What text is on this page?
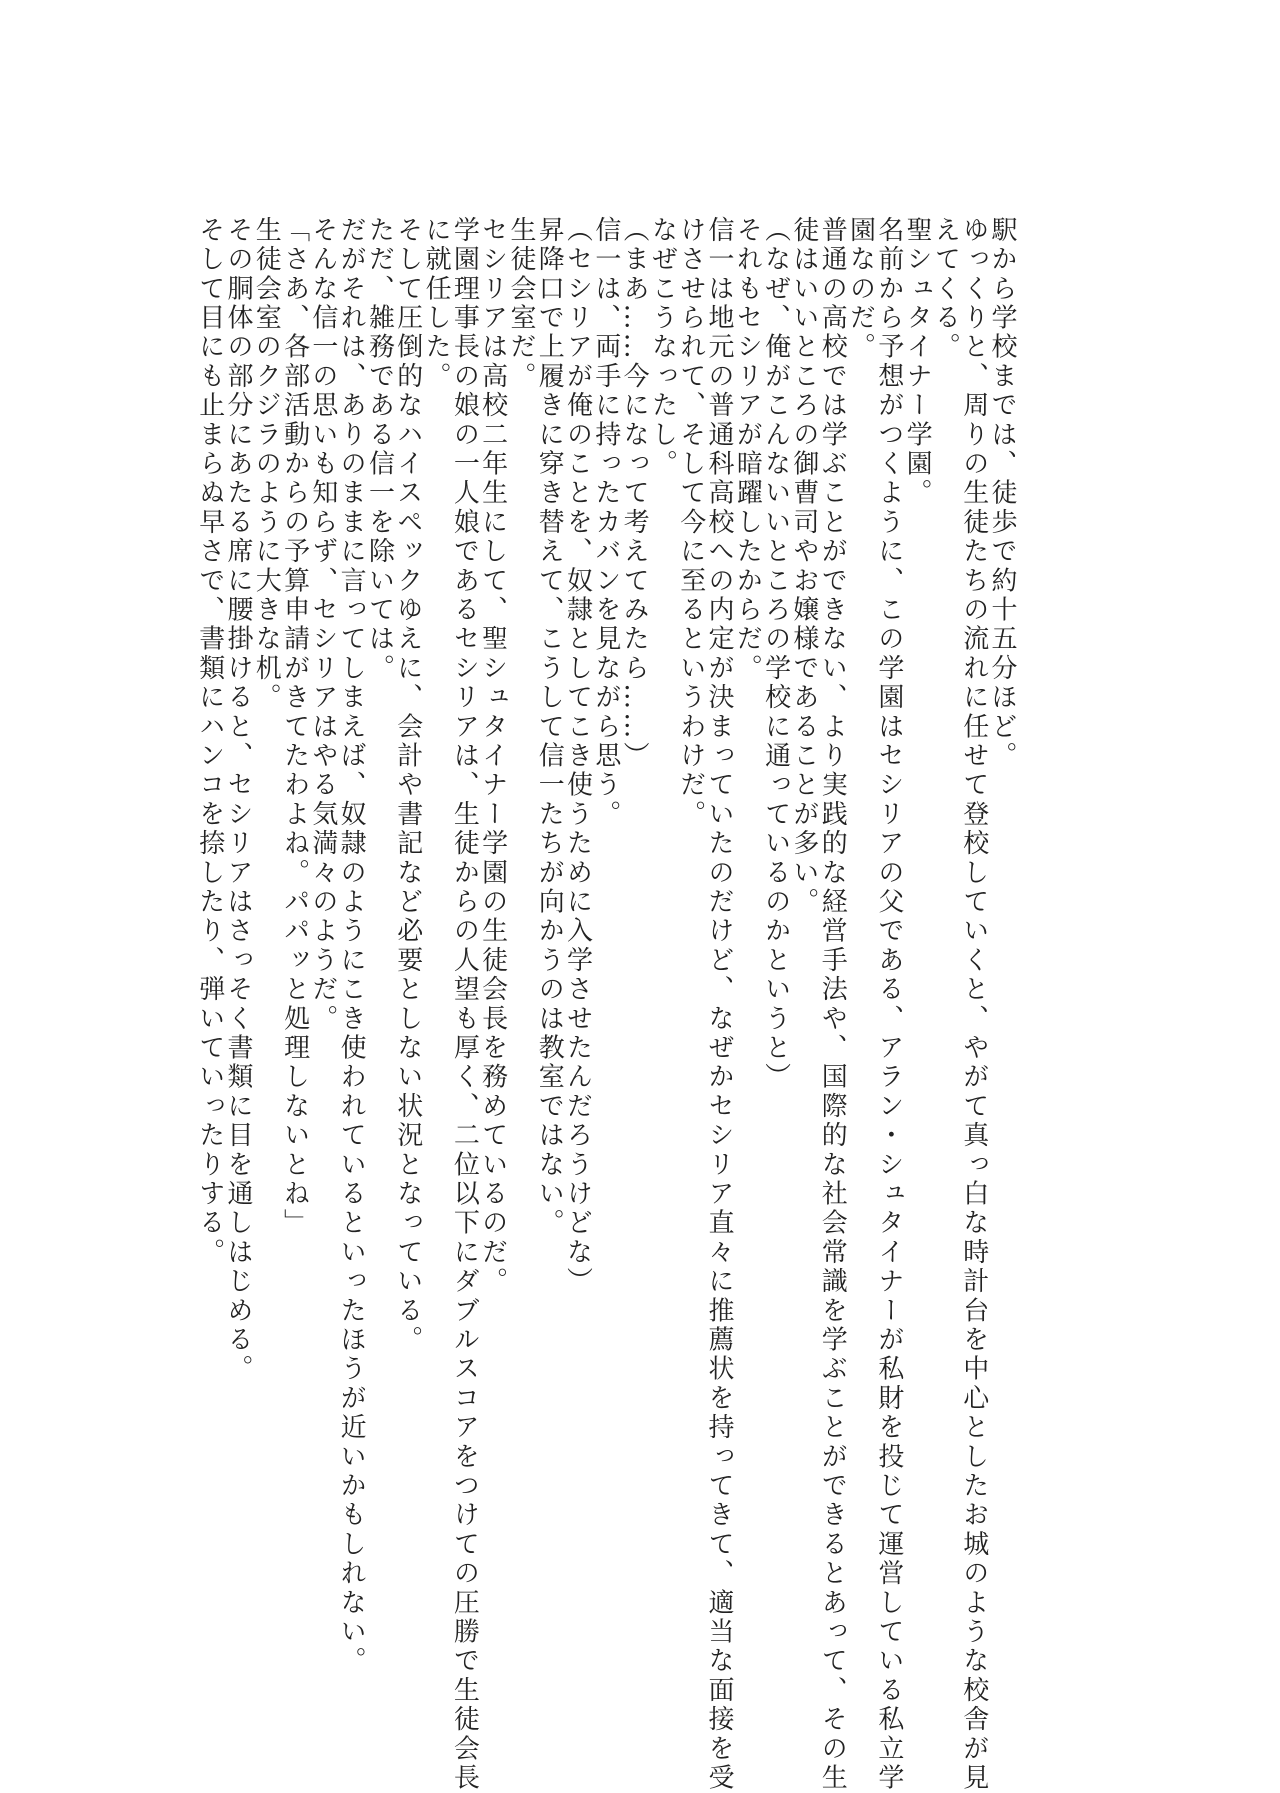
駅から学校までは、徒歩で約十五分ほど。
ゆっくりと、周りの生徒たちの流れに任せて登校していくと、やがて真っ白な時計台を中心としたお城のような校舎が見
えてくる。
聖シュタイナー学園。
名前から予想がつくように、この学園はセシリアの父である、アラン・シュタイナーが私財を投じて運営している私立学
園なのだ。
普通の高校では学ぶことができない、より実践的な経営手法や、国際的な社会常識を学ぶことができるとあって、その生
徒はいいところの御曹司やお嬢様であることが多い。
（なぜ、俺がこんないいところの学校に通っているのかというと）
それもセシリアが暗躍したからだ。
信一は地元の普通科高校への内定が決まっていたのだけど、なぜかセシリア直々に推薦状を持ってきて、適当な面接を受
けさせられて、そして今に至るというわけだ。
なぜこうなったし。
（まあ……今になって考えてみたら……）
信一は、両手に持ったカバンを見ながら思う。
（セシリアが俺のことを、奴隷としてこき使うために入学させたんだろうけどな）
昇降口で上履きに穿き替えて、こうして信一たちが向かうのは教室ではない。
生徒会室だ。
セシリアは高校二年生にして、聖シュタイナー学園の生徒会長を務めているのだ。
学園理事長の娘の一人娘であるセシリアは、生徒からの人望も厚く、二位以下にダブルスコアをつけての圧勝で生徒会長
に就任した。
そして圧倒的なハイスペックゆえに、会計や書記など必要としない状況となっている。
ただ、雑務である信一を除いては。
だがそれは、ありのままに言ってしまえば、奴隷のようにこき使われているといったほうが近いかもしれない。
そんな信一の思いも知らず、セシリアはやる気満々のようだ。
「さあ、各部活動からの予算申請がきてたわよね。パパッと処理しないとね」
生徒会室のクジラのように大きな机。
その胴体の部分にあたる席に腰掛けると、セシリアはさっそく書類に目を通しはじめる。
そして目にも止まらぬ早さで、書類にハンコを捺したり、弾いていったりする。
